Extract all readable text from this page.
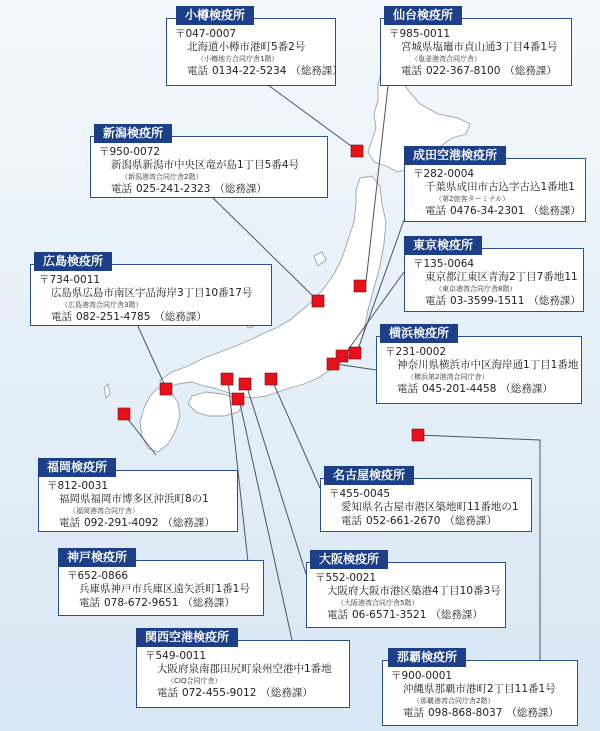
小樽検疫所
〒047-0007
北海道小樽市港町5番2号
（小樽地方合同庁舎1階）
電話 0134-22-5234 （総務課）
仙台検疫所
〒985-0011
宮城県塩竈市貞山通3丁目4番1号
（塩釜港湾合同庁舎）
電話 022-367-8100 （総務課）
新潟検疫所
〒950-0072
新潟県新潟市中央区竜が島1丁目5番4号
（新潟港湾合同庁舎2階）
電話 025-241-2323 （総務課）
成田空港検疫所
〒282-0004
千葉県成田市古込字古込1番地1
（第2旅客ターミナル）
電話 0476-34-2301 （総務課）
東京検疫所
〒135-0064
東京都江東区青海2丁目7番地11
（東京港湾合同庁舎8階）
電話 03-3599-1511 （総務課）
広島検疫所
〒734-0011
広島県広島市南区宇品海岸3丁目10番17号
（広島港湾合同庁舎3階）
電話 082-251-4785 （総務課）
横浜検疫所
〒231-0002
神奈川県横浜市中区海岸通1丁目1番地
（横浜第2港湾合同庁舎）
電話 045-201-4458 （総務課）
福岡検疫所
〒812-0031
福岡県福岡市博多区沖浜町8の1
（福岡港湾合同庁舎）
電話 092-291-4092 （総務課）
名古屋検疫所
〒455-0045
愛知県名古屋市港区築地町11番地の1
電話 052-661-2670 （総務課）
神戸検疫所
〒652-0866
兵庫県神戸市兵庫区遠矢浜町1番1号
電話 078-672-9651 （総務課）
大阪検疫所
〒552-0021
大阪府大阪市港区築港4丁目10番3号
（大阪港湾合同庁舎5階）
電話 06-6571-3521 （総務課）
関西空港検疫所
〒549-0011
大阪府泉南郡田尻町泉州空港中1番地
（CIQ合同庁舎）
電話 072-455-9012 （総務課）
那覇検疫所
〒900-0001
沖縄県那覇市港町2丁目11番1号
（那覇港湾合同庁舎2階）
電話 098-868-8037 （総務課）
